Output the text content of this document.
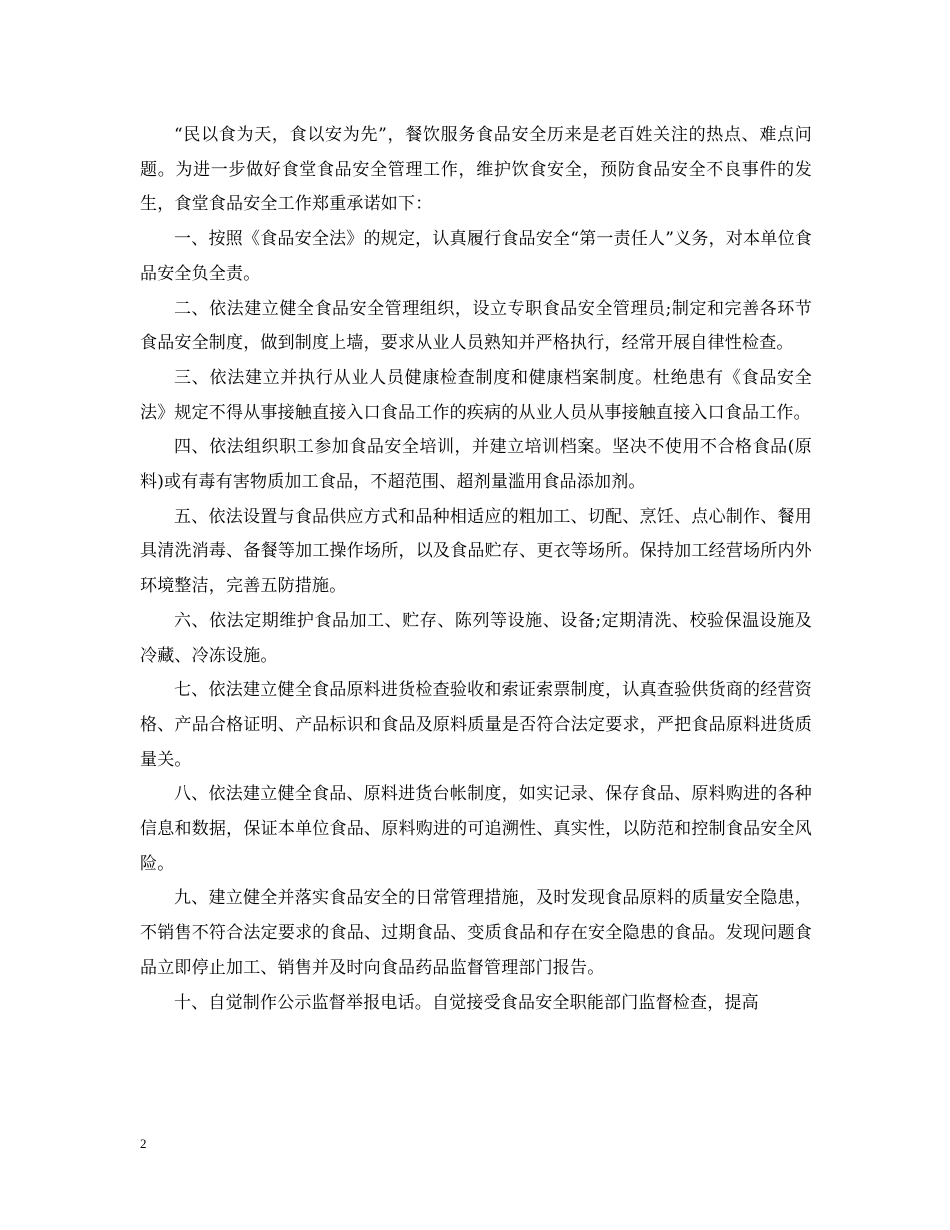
“民以食为天，食以安为先”，餐饮服务食品安全历来是老百姓关注的热点、难点问题。为进一步做好食堂食品安全管理工作，维护饮食安全，预防食品安全不良事件的发生，食堂食品安全工作郑重承诺如下：

一、按照《食品安全法》的规定，认真履行食品安全“第一责任人”义务，对本单位食品安全负全责。

二、依法建立健全食品安全管理组织，设立专职食品安全管理员;制定和完善各环节食品安全制度，做到制度上墙，要求从业人员熟知并严格执行，经常开展自律性检查。

三、依法建立并执行从业人员健康检查制度和健康档案制度。杜绝患有《食品安全法》规定不得从事接触直接入口食品工作的疾病的从业人员从事接触直接入口食品工作。

四、依法组织职工参加食品安全培训，并建立培训档案。坚决不使用不合格食品(原料)或有毒有害物质加工食品，不超范围、超剂量滥用食品添加剂。

五、依法设置与食品供应方式和品种相适应的粗加工、切配、烹饪、点心制作、餐用具清洗消毒、备餐等加工操作场所，以及食品贮存、更衣等场所。保持加工经营场所内外环境整洁，完善五防措施。

六、依法定期维护食品加工、贮存、陈列等设施、设备;定期清洗、校验保温设施及冷藏、冷冻设施。

七、依法建立健全食品原料进货检查验收和索证索票制度，认真查验供货商的经营资格、产品合格证明、产品标识和食品及原料质量是否符合法定要求，严把食品原料进货质量关。

八、依法建立健全食品、原料进货台帐制度，如实记录、保存食品、原料购进的各种信息和数据，保证本单位食品、原料购进的可追溯性、真实性，以防范和控制食品安全风险。

九、建立健全并落实食品安全的日常管理措施，及时发现食品原料的质量安全隐患，不销售不符合法定要求的食品、过期食品、变质食品和存在安全隐患的食品。发现问题食品立即停止加工、销售并及时向食品药品监督管理部门报告。

十、自觉制作公示监督举报电话。自觉接受食品安全职能部门监督检查，提高

2
